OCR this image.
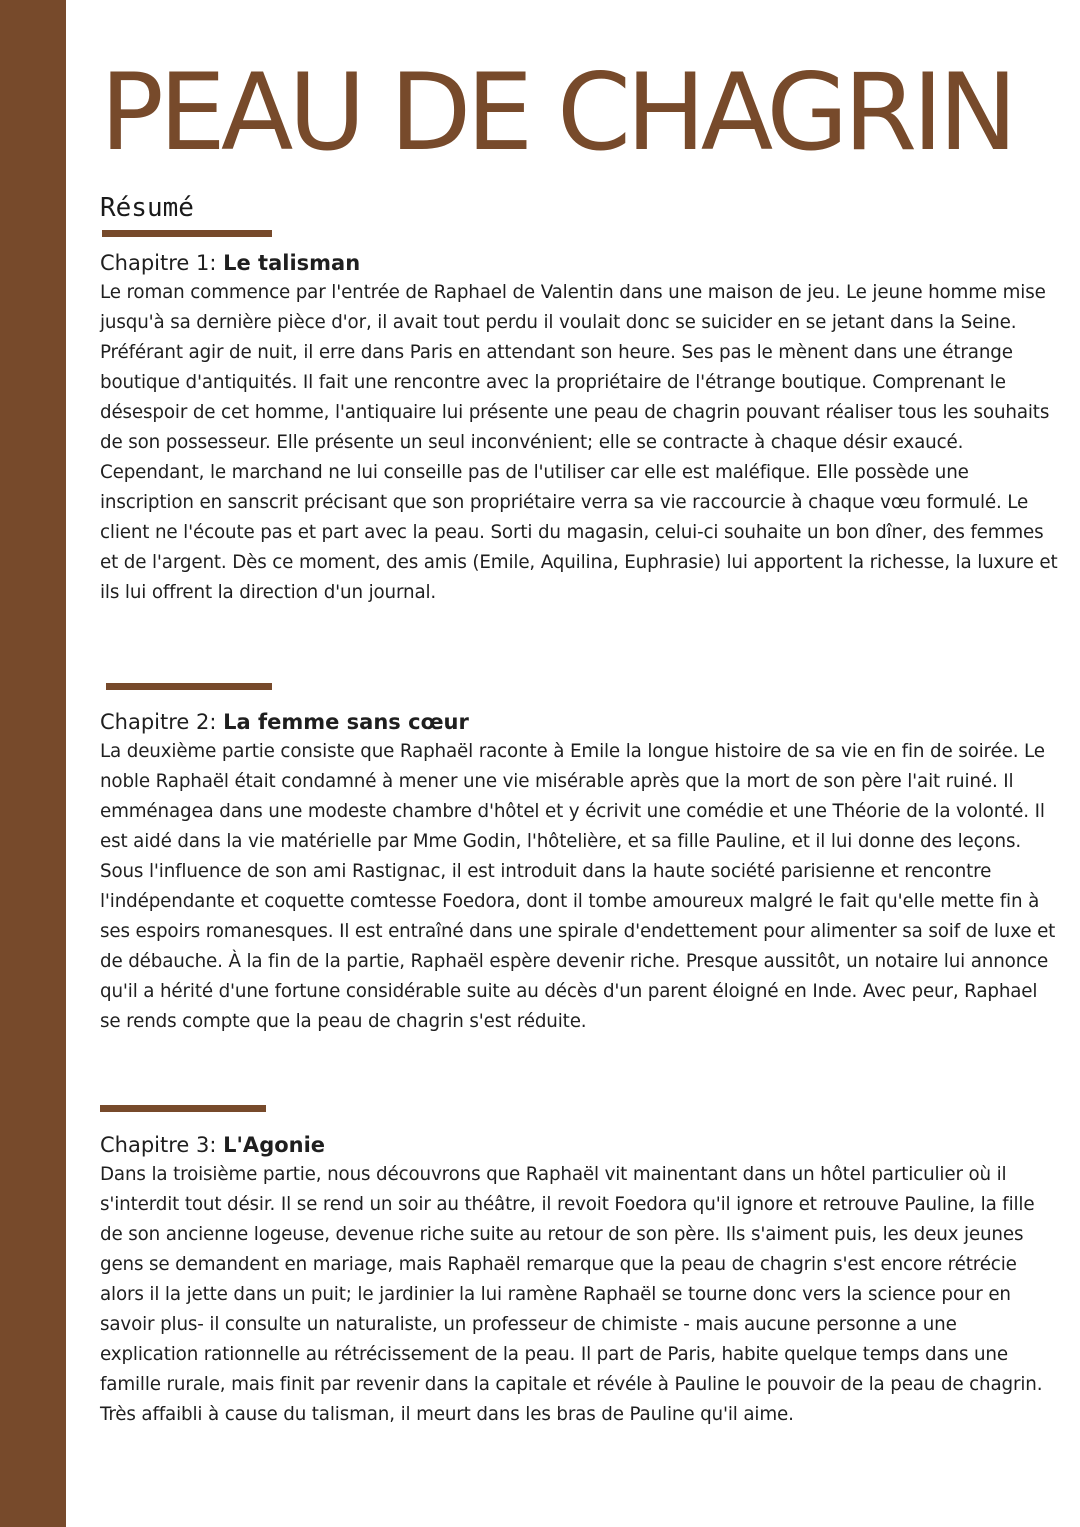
PEAU DE CHAGRIN
Résumé

Chapitre 1: Le talisman

Le roman commence par l'entrée de Raphael de Valentin dans une maison de jeu. Le jeune homme mise jusqu'à sa dernière pièce d'or, il avait tout perdu il voulait donc se suicider en se jetant dans la Seine. Préférant agir de nuit, il erre dans Paris en attendant son heure. Ses pas le mènent dans une étrange boutique d'antiquités. Il fait une rencontre avec la propriétaire de l'étrange boutique. Comprenant le désespoir de cet homme, l'antiquaire lui présente une peau de chagrin pouvant réaliser tous les souhaits de son possesseur. Elle présente un seul inconvénient; elle se contracte à chaque désir exaucé. Cependant, le marchand ne lui conseille pas de l'utiliser car elle est maléfique. Elle possède une inscription en sanscrit précisant que son propriétaire verra sa vie raccourcie à chaque vœu formulé. Le client ne l'écoute pas et part avec la peau. Sorti du magasin, celui-ci souhaite un bon dîner, des femmes et de l'argent. Dès ce moment, des amis (Emile, Aquilina, Euphrasie) lui apportent la richesse, la luxure et ils lui offrent la direction d'un journal.

Chapitre 2: La femme sans cœur

La deuxième partie consiste que Raphaël raconte à Emile la longue histoire de sa vie en fin de soirée. Le noble Raphaël était condamné à mener une vie misérable après que la mort de son père l'ait ruiné. Il emménagea dans une modeste chambre d'hôtel et y écrivit une comédie et une Théorie de la volonté. Il est aidé dans la vie matérielle par Mme Godin, l'hôtelière, et sa fille Pauline, et il lui donne des leçons. Sous l'influence de son ami Rastignac, il est introduit dans la haute société parisienne et rencontre l'indépendante et coquette comtesse Foedora, dont il tombe amoureux malgré le fait qu'elle mette fin à ses espoirs romanesques. Il est entraîné dans une spirale d'endettement pour alimenter sa soif de luxe et de débauche. À la fin de la partie, Raphaël espère devenir riche. Presque aussitôt, un notaire lui annonce qu'il a hérité d'une fortune considérable suite au décès d'un parent éloigné en Inde. Avec peur, Raphael se rends compte que la peau de chagrin s'est réduite.

Chapitre 3: L'Agonie

Dans la troisième partie, nous découvrons que Raphaël vit mainentant dans un hôtel particulier où il s'interdit tout désir. Il se rend un soir au théâtre, il revoit Foedora qu'il ignore et retrouve Pauline, la fille de son ancienne logeuse, devenue riche suite au retour de son père. Ils s'aiment puis, les deux jeunes gens se demandent en mariage, mais Raphaël remarque que la peau de chagrin s'est encore rétrécie alors il la jette dans un puit; le jardinier la lui ramène Raphaël se tourne donc vers la science pour en savoir plus- il consulte un naturaliste, un professeur de chimiste - mais aucune personne a une explication rationnelle au rétrécissement de la peau. Il part de Paris, habite quelque temps dans une famille rurale, mais finit par revenir dans la capitale et révéle à Pauline le pouvoir de la peau de chagrin. Très affaibli à cause du talisman, il meurt dans les bras de Pauline qu'il aime.
